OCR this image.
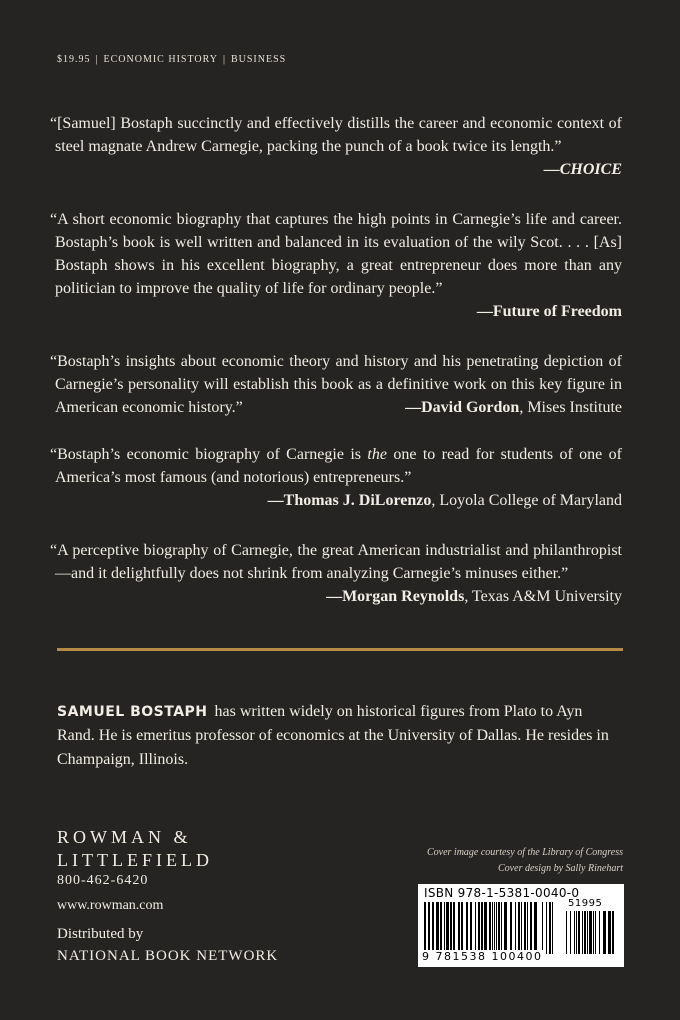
$19.95 | ECONOMIC HISTORY | BUSINESS

“[Samuel] Bostaph succinctly and effectively distills the career and economic context of steel magnate Andrew Carnegie, packing the punch of a book twice its length.”

—CHOICE

“A short economic biography that captures the high points in Carnegie’s life and career. Bostaph’s book is well written and balanced in its evaluation of the wily Scot. . . . [As] Bostaph shows in his excellent biography, a great entrepreneur does more than any politician to improve the quality of life for ordinary people.”

—Future of Freedom

“Bostaph’s insights about economic theory and history and his penetrating depiction of Carnegie’s personality will establish this book as a definitive work on this key figure in American economic history.”	—David Gordon, Mises Institute

“Bostaph’s economic biography of Carnegie is the one to read for students of one of America’s most famous (and notorious) entrepreneurs.”

—Thomas J. DiLorenzo, Loyola College of Maryland

“A perceptive biography of Carnegie, the great American industrialist and philanthropist—and it delightfully does not shrink from analyzing Carnegie’s minuses either.”
—Morgan Reynolds, Texas A&M University

SAMUEL BOSTAPH has written widely on historical figures from Plato to Ayn Rand. He is emeritus professor of economics at the University of Dallas. He resides in Champaign, Illinois.
ROWMAN &
LITTLEFIELD
800-462-6420
www.rowman.com
Distributed by
NATIONAL BOOK NETWORK
Cover image courtesy of the Library of Congress
Cover design by Sally Rinehart
ISBN 978-1-5381-0040-0
51995
9 781538 100400
